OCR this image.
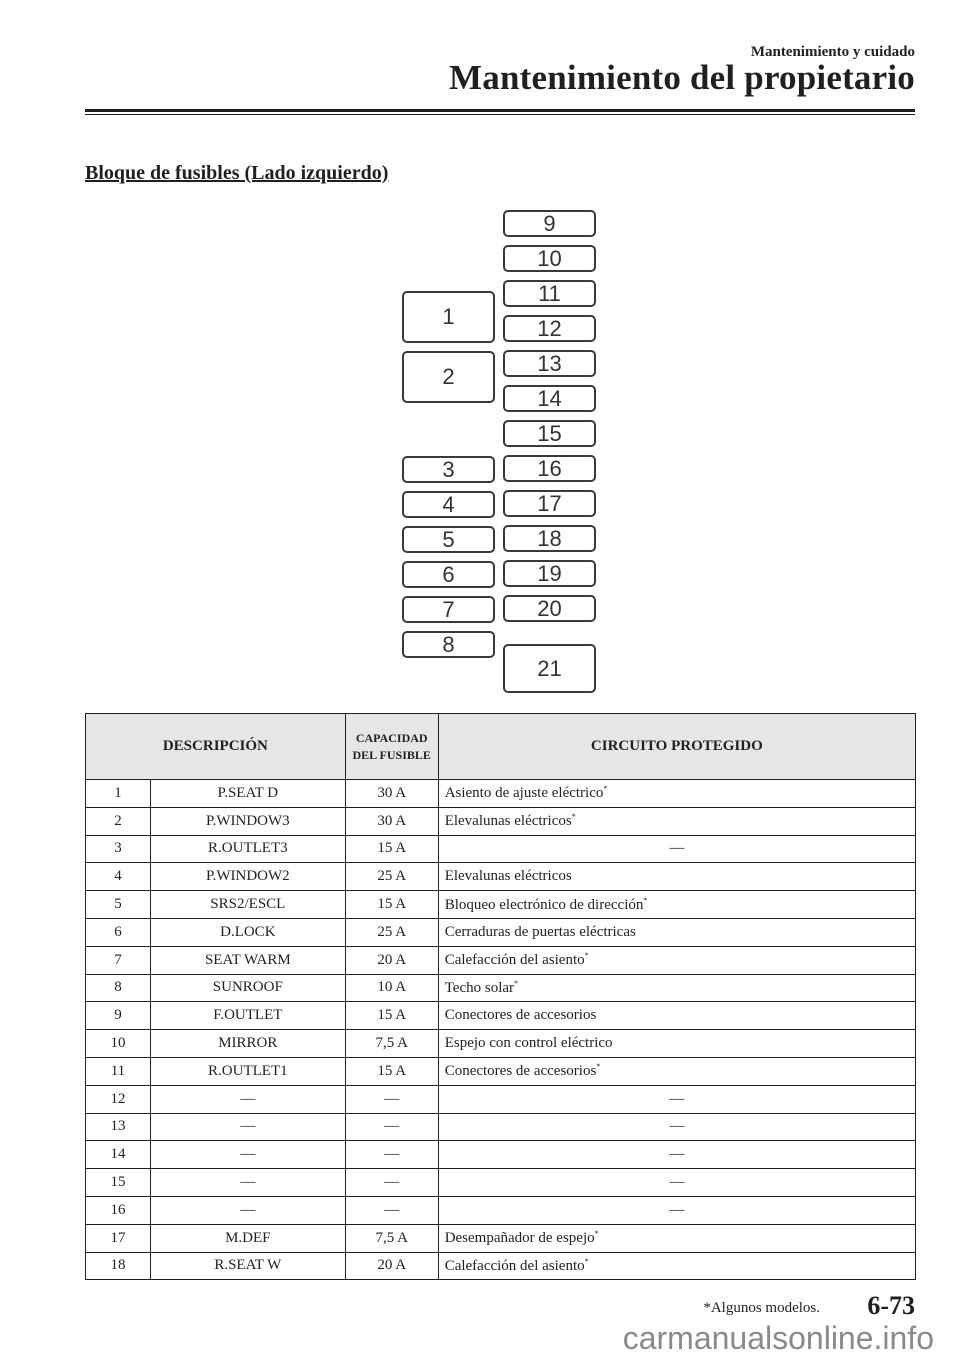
Mantenimiento y cuidado
Mantenimiento del propietario
Bloque de fusibles (Lado izquierdo)
1
2
3
4
5
6
7
8
9
10
11
12
13
14
15
16
17
18
19
20
21
DESCRIPCIÓN		CAPACIDAD DEL FUSIBLE	CIRCUITO PROTEGIDO
1	P.SEAT D	30 A	Asiento de ajuste eléctrico*
2	P.WINDOW3	30 A	Elevalunas eléctricos*
3	R.OUTLET3	15 A	—
4	P.WINDOW2	25 A	Elevalunas eléctricos
5	SRS2/ESCL	15 A	Bloqueo electrónico de dirección*
6	D.LOCK	25 A	Cerraduras de puertas eléctricas
7	SEAT WARM	20 A	Calefacción del asiento*
8	SUNROOF	10 A	Techo solar*
9	F.OUTLET	15 A	Conectores de accesorios
10	MIRROR	7,5 A	Espejo con control eléctrico
11	R.OUTLET1	15 A	Conectores de accesorios*
12	—	—	—
13	—	—	—
14	—	—	—
15	—	—	—
16	—	—	—
17	M.DEF	7,5 A	Desempañador de espejo*
18	R.SEAT W	20 A	Calefacción del asiento*
*Algunos modelos. 6-73
carmanualsonline.info
